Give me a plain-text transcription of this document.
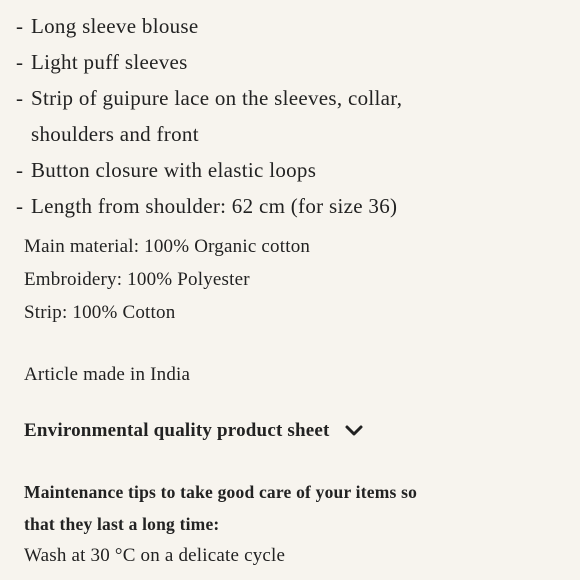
- Long sleeve blouse
- Light puff sleeves
- Strip of guipure lace on the sleeves, collar,
shoulders and front
- Button closure with elastic loops
- Length from shoulder: 62 cm (for size 36)
Main material: 100% Organic cotton
Embroidery: 100% Polyester
Strip: 100% Cotton
Article made in India
Environmental quality product sheet
Maintenance tips to take good care of your items so
that they last a long time:
Wash at 30 °C on a delicate cycle
